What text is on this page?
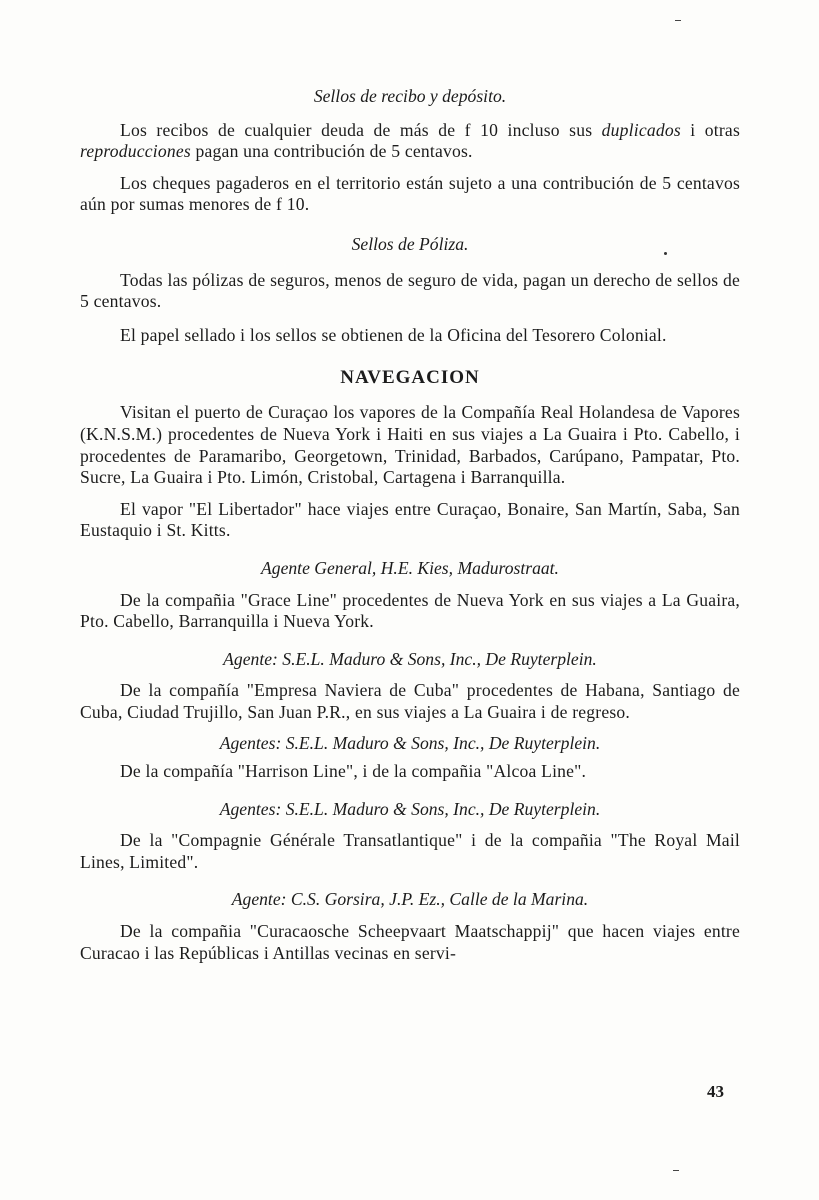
Sellos de recibo y depósito.

Los recibos de cualquier deuda de más de f 10 incluso sus duplicados i otras reproducciones pagan una contribución de 5 centavos.

Los cheques pagaderos en el territorio están sujeto a una contribución de 5 centavos aún por sumas menores de f 10.

Sellos de Póliza.

Todas las pólizas de seguros, menos de seguro de vida, pagan un derecho de sellos de 5 centavos.

El papel sellado i los sellos se obtienen de la Oficina del Tesorero Colonial.

NAVEGACION

Visitan el puerto de Curaçao los vapores de la Compañía Real Holandesa de Vapores (K.N.S.M.) procedentes de Nueva York i Haiti en sus viajes a La Guaira i Pto. Cabello, i procedentes de Paramaribo, Georgetown, Trinidad, Barbados, Carúpano, Pampatar, Pto. Sucre, La Guaira i Pto. Limón, Cristobal, Cartagena i Barranquilla.

El vapor "El Libertador" hace viajes entre Curaçao, Bonaire, San Martín, Saba, San Eustaquio i St. Kitts.

Agente General, H.E. Kies, Madurostraat.

De la compañia "Grace Line" procedentes de Nueva York en sus viajes a La Guaira, Pto. Cabello, Barranquilla i Nueva York.

Agente: S.E.L. Maduro & Sons, Inc., De Ruyterplein.

De la compañía "Empresa Naviera de Cuba" procedentes de Habana, Santiago de Cuba, Ciudad Trujillo, San Juan P.R., en sus viajes a La Guaira i de regreso.

Agentes: S.E.L. Maduro & Sons, Inc., De Ruyterplein.

De la compañía "Harrison Line", i de la compañia "Alcoa Line".

Agentes: S.E.L. Maduro & Sons, Inc., De Ruyterplein.

De la "Compagnie Générale Transatlantique" i de la compañia "The Royal Mail Lines, Limited".

Agente: C.S. Gorsira, J.P. Ez., Calle de la Marina.

De la compañia "Curacaosche Scheepvaart Maatschappij" que hacen viajes entre Curacao i las Repúblicas i Antillas vecinas en servi-

43
